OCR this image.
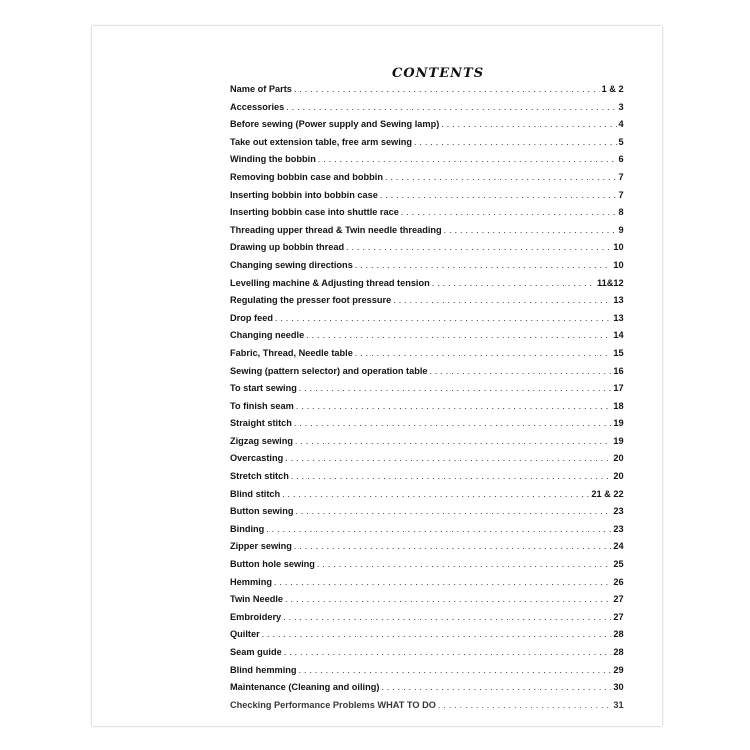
CONTENTS
Name of Parts .....	1 & 2
Accessories .....	3
Before sewing (Power supply and Sewing lamp) .....	4
Take out extension table, free arm sewing .....	5
Winding the bobbin .....	6
Removing bobbin case and bobbin .....	7
Inserting bobbin into bobbin case .....	7
Inserting bobbin case into shuttle race .....	8
Threading upper thread & Twin needle threading .....	9
Drawing up bobbin thread .....	10
Changing sewing directions .....	10
Levelling machine & Adjusting thread tension .....	11&12
Regulating the presser foot pressure .....	13
Drop feed .....	13
Changing needle .....	14
Fabric, Thread, Needle table .....	15
Sewing (pattern selector) and operation table .....	16
To start sewing .....	17
To finish seam .....	18
Straight stitch .....	19
Zigzag sewing .....	19
Overcasting .....	20
Stretch stitch .....	20
Blind stitch .....	21 & 22
Button sewing .....	23
Binding .....	23
Zipper sewing .....	24
Button hole sewing .....	25
Hemming .....	26
Twin Needle .....	27
Embroidery .....	27
Quilter .....	28
Seam guide .....	28
Blind hemming .....	29
Maintenance (Cleaning and oiling) .....	30
Checking Performance Problems WHAT TO DO .....	31
